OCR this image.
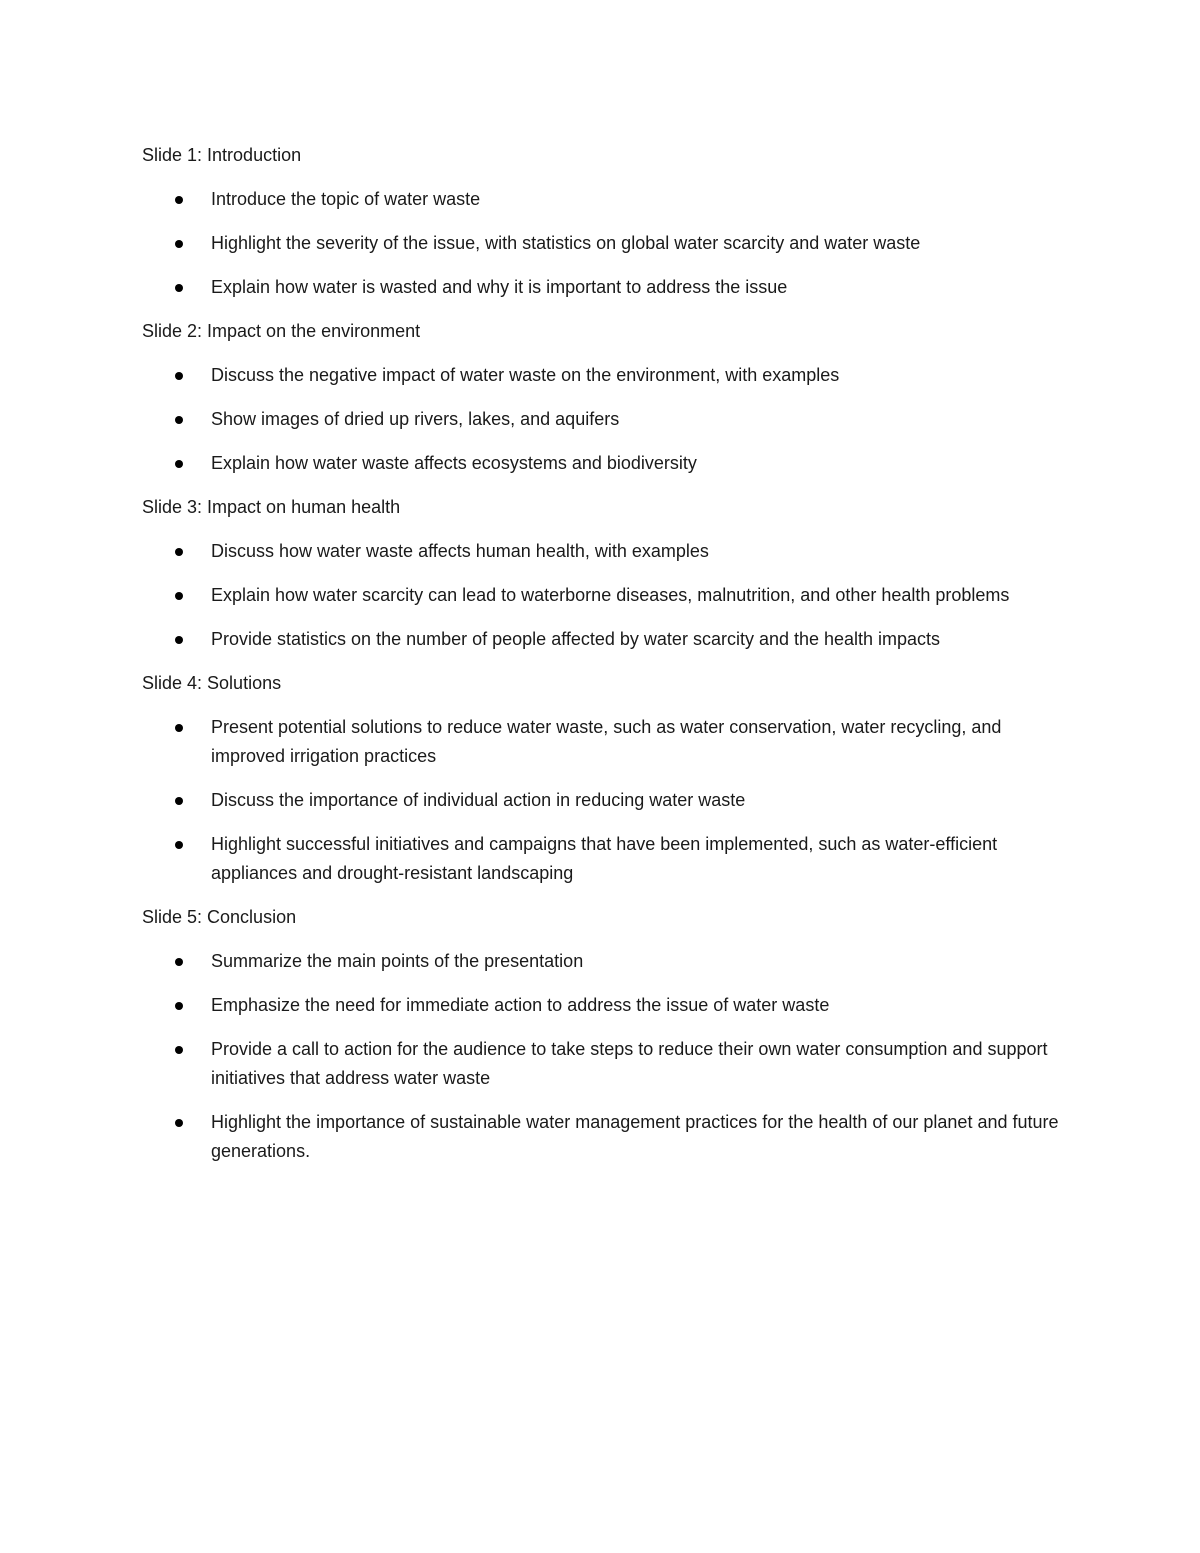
Slide 1: Introduction

Introduce the topic of water waste
Highlight the severity of the issue, with statistics on global water scarcity and water waste
Explain how water is wasted and why it is important to address the issue

Slide 2: Impact on the environment

Discuss the negative impact of water waste on the environment, with examples
Show images of dried up rivers, lakes, and aquifers
Explain how water waste affects ecosystems and biodiversity

Slide 3: Impact on human health

Discuss how water waste affects human health, with examples
Explain how water scarcity can lead to waterborne diseases, malnutrition, and other health problems
Provide statistics on the number of people affected by water scarcity and the health impacts

Slide 4: Solutions

Present potential solutions to reduce water waste, such as water conservation, water recycling, and improved irrigation practices
Discuss the importance of individual action in reducing water waste
Highlight successful initiatives and campaigns that have been implemented, such as water-efficient appliances and drought-resistant landscaping

Slide 5: Conclusion

Summarize the main points of the presentation
Emphasize the need for immediate action to address the issue of water waste
Provide a call to action for the audience to take steps to reduce their own water consumption and support initiatives that address water waste
Highlight the importance of sustainable water management practices for the health of our planet and future generations.
